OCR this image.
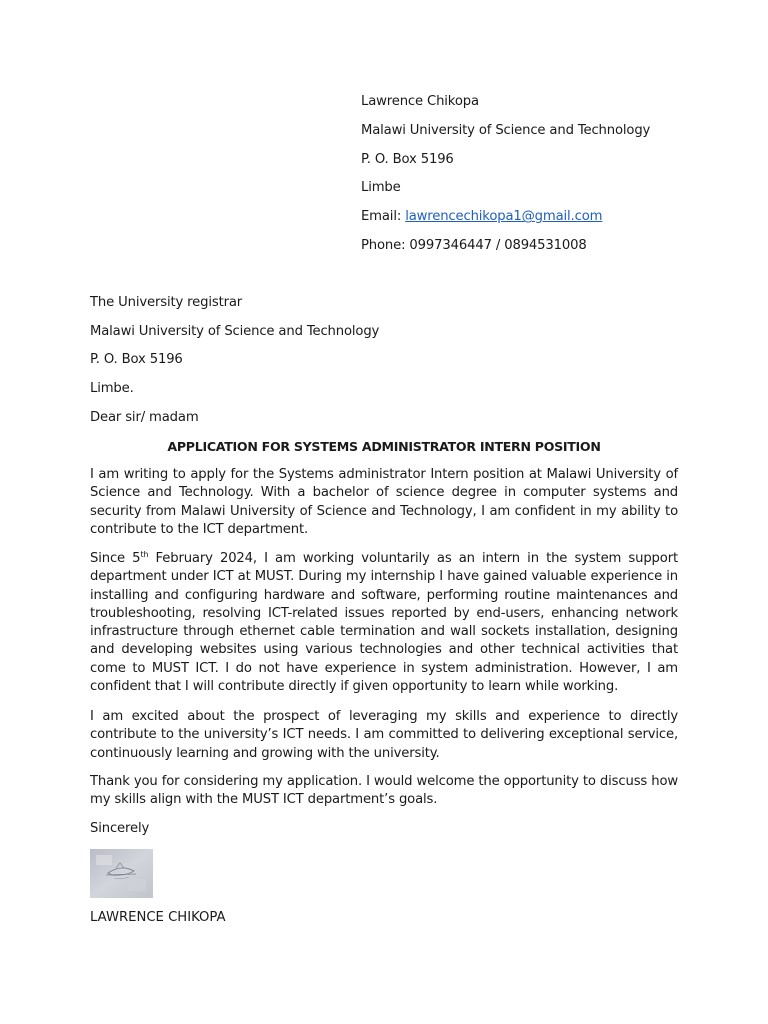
Lawrence Chikopa
Malawi University of Science and Technology
P. O. Box 5196
Limbe
Email: lawrencechikopa1@gmail.com
Phone: 0997346447 / 0894531008
The University registrar
Malawi University of Science and Technology
P. O. Box 5196
Limbe.
Dear sir/ madam
APPLICATION FOR SYSTEMS ADMINISTRATOR INTERN POSITION
I am writing to apply for the Systems administrator Intern position at Malawi University of Science and Technology. With a bachelor of science degree in computer systems and security from Malawi University of Science and Technology, I am confident in my ability to contribute to the ICT department.
Since 5th February 2024, I am working voluntarily as an intern in the system support department under ICT at MUST. During my internship I have gained valuable experience in installing and configuring hardware and software, performing routine maintenances and troubleshooting, resolving ICT-related issues reported by end-users, enhancing network infrastructure through ethernet cable termination and wall sockets installation, designing and developing websites using various technologies and other technical activities that come to MUST ICT. I do not have experience in system administration. However, I am confident that I will contribute directly if given opportunity to learn while working.
I am excited about the prospect of leveraging my skills and experience to directly contribute to the university’s ICT needs. I am committed to delivering exceptional service, continuously learning and growing with the university.
Thank you for considering my application. I would welcome the opportunity to discuss how my skills align with the MUST ICT department’s goals.
Sincerely
LAWRENCE CHIKOPA
